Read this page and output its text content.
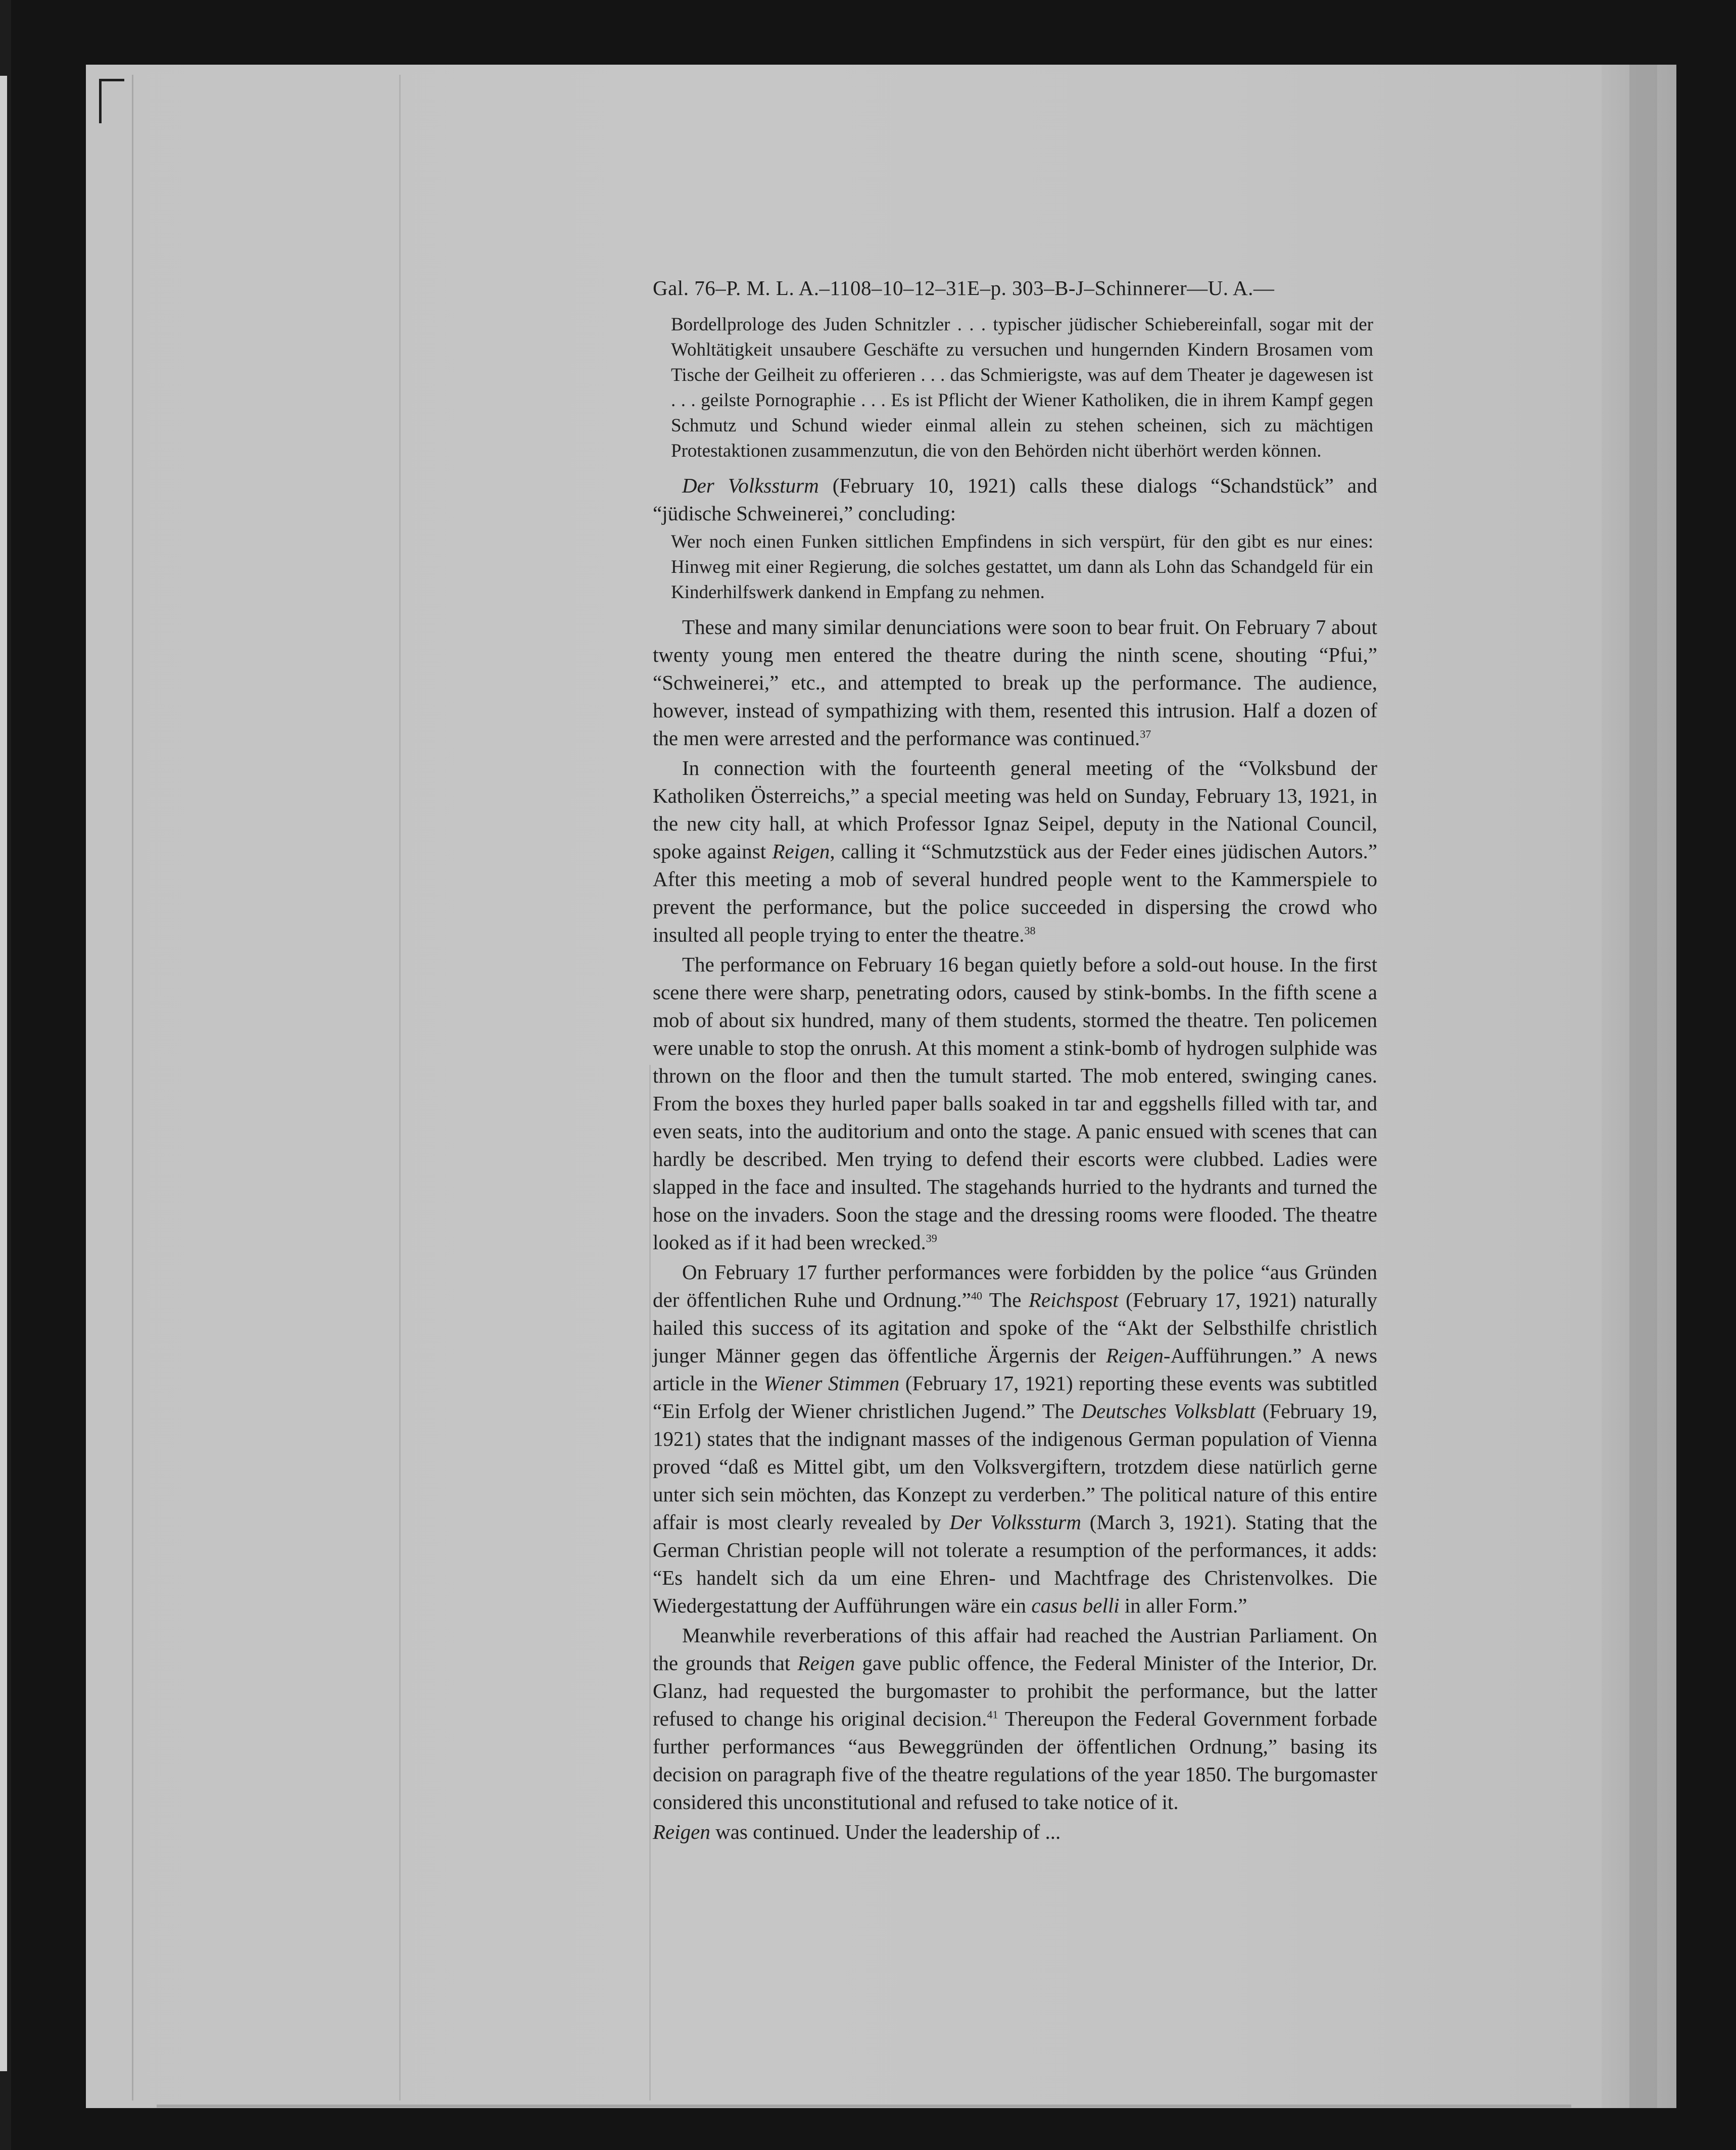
Gal. 76–P. M. L. A.–1108–10–12–31E–p. 303–B-J–Schinnerer—U. A.—

Bordellprologe des Juden Schnitzler . . . typischer jüdischer Schiebereinfall, sogar mit der Wohltätigkeit unsaubere Geschäfte zu versuchen und hungernden Kindern Brosamen vom Tische der Geilheit zu offerieren . . . das Schmierigste, was auf dem Theater je dagewesen ist . . . geilste Pornographie . . . Es ist Pflicht der Wiener Katholiken, die in ihrem Kampf gegen Schmutz und Schund wieder einmal allein zu stehen scheinen, sich zu mächtigen Protestaktionen zusammenzutun, die von den Behörden nicht überhört werden können.

Der Volkssturm (February 10, 1921) calls these dialogs “Schandstück” and “jüdische Schweinerei,” concluding:

Wer noch einen Funken sittlichen Empfindens in sich verspürt, für den gibt es nur eines: Hinweg mit einer Regierung, die solches gestattet, um dann als Lohn das Schandgeld für ein Kinderhilfswerk dankend in Empfang zu nehmen.

These and many similar denunciations were soon to bear fruit. On February 7 about twenty young men entered the theatre during the ninth scene, shouting “Pfui,” “Schweinerei,” etc., and attempted to break up the performance. The audience, however, instead of sympathizing with them, resented this intrusion. Half a dozen of the men were arrested and the performance was continued.$^{37}$

In connection with the fourteenth general meeting of the “Volksbund der Katholiken Österreichs,” a special meeting was held on Sunday, February 13, 1921, in the new city hall, at which Professor Ignaz Seipel, deputy in the National Council, spoke against Reigen, calling it “Schmutzstück aus der Feder eines jüdischen Autors.” After this meeting a mob of several hundred people went to the Kammerspiele to prevent the performance, but the police succeeded in dispersing the crowd who insulted all people trying to enter the theatre.$^{38}$

The performance on February 16 began quietly before a sold-out house. In the first scene there were sharp, penetrating odors, caused by stink-bombs. In the fifth scene a mob of about six hundred, many of them students, stormed the theatre. Ten policemen were unable to stop the onrush. At this moment a stink-bomb of hydrogen sulphide was thrown on the floor and then the tumult started. The mob entered, swinging canes. From the boxes they hurled paper balls soaked in tar and eggshells filled with tar, and even seats, into the auditorium and onto the stage. A panic ensued with scenes that can hardly be described. Men trying to defend their escorts were clubbed. Ladies were slapped in the face and insulted. The stagehands hurried to the hydrants and turned the hose on the invaders. Soon the stage and the dressing rooms were flooded. The theatre looked as if it had been wrecked.$^{39}$

On February 17 further performances were forbidden by the police “aus Gründen der öffentlichen Ruhe und Ordnung.”$^{40}$ The Reichspost (February 17, 1921) naturally hailed this success of its agitation and spoke of the “Akt der Selbsthilfe christlich junger Männer gegen das öffentliche Ärgernis der Reigen-Aufführungen.” A news article in the Wiener Stimmen (February 17, 1921) reporting these events was subtitled “Ein Erfolg der Wiener christlichen Jugend.” The Deutsches Volksblatt (February 19, 1921) states that the indignant masses of the indigenous German population of Vienna proved “daß es Mittel gibt, um den Volksvergiftern, trotzdem diese natürlich gerne unter sich sein möchten, das Konzept zu verderben.” The political nature of this entire affair is most clearly revealed by Der Volkssturm (March 3, 1921). Stating that the German Christian people will not tolerate a resumption of the performances, it adds: “Es handelt sich da um eine Ehren- und Machtfrage des Christenvolkes. Die Wiedergestattung der Aufführungen wäre ein casus belli in aller Form.”

Meanwhile reverberations of this affair had reached the Austrian Parliament. On the grounds that Reigen gave public offence, the Federal Minister of the Interior, Dr. Glanz, had requested the burgomaster to prohibit the performance, but the latter refused to change his original decision.$^{41}$ Thereupon the Federal Government forbade further performances “aus Beweggründen der öffentlichen Ordnung,” basing its decision on paragraph five of the theatre regulations of the year 1850. The burgomaster considered this unconstitutional and refused to take notice of it.

Reigen was continued. Under the leadership of ...
